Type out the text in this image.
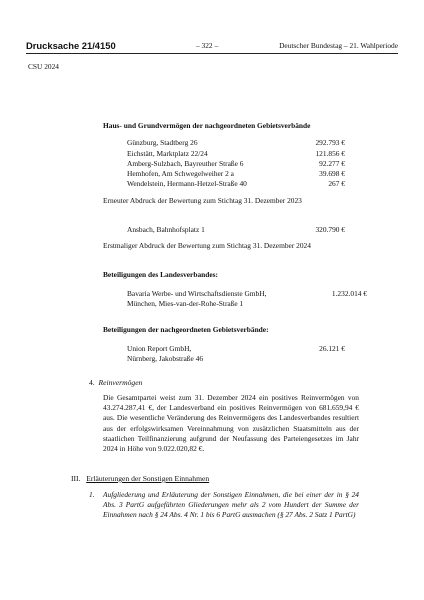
Drucksache 21/4150	– 322 –	Deutscher Bundestag – 21. Wahlperiode
CSU 2024
Haus- und Grundvermögen der nachgeordneten Gebietsverbände
Günzburg, Stadtberg 26	292.793 €
Eichstätt, Marktplatz 22/24	121.856 €
Amberg-Sulzbach, Bayreuther Straße 6	92.277 €
Hemhofen, Am Schwegelweiher 2 a	39.698 €
Wendelstein, Hermann-Hetzel-Straße 40	267 €
Erneuter Abdruck der Bewertung zum Stichtag 31. Dezember 2023
Ansbach, Bahnhofsplatz 1	320.790 €
Erstmaliger Abdruck der Bewertung zum Stichtag 31. Dezember 2024
Beteiligungen des Landesverbandes:
Bavaria Werbe- und Wirtschaftsdienste GmbH,	1.232.014 €
München, Mies-van-der-Rohe-Straße 1
Beteiligungen der nachgeordneten Gebietsverbände:
Union Report GmbH,	26.121 €
Nürnberg, Jakobstraße 46
4. Reinvermögen
Die Gesamtpartei weist zum 31. Dezember 2024 ein positives Reinvermögen von 43.274.287,41 €, der Landesverband ein positives Reinvermögen von 681.659,94 € aus. Die wesentliche Veränderung des Reinvermögens des Landesverbandes resultiert aus der erfolgswirksamen Vereinnahmung von zusätzlichen Staatsmitteln aus der staatlichen Teilfinanzierung aufgrund der Neufassung des Parteiengesetzes im Jahr 2024 in Höhe von 9.022.020,82 €.
III. Erläuterungen der Sonstigen Einnahmen
1. Aufgliederung und Erläuterung der Sonstigen Einnahmen, die bei einer der in § 24 Abs. 3 PartG aufgeführten Gliederungen mehr als 2 vom Hundert der Summe der Einnahmen nach § 24 Abs. 4 Nr. 1 bis 6 PartG ausmachen (§ 27 Abs. 2 Satz 1 PartG)
